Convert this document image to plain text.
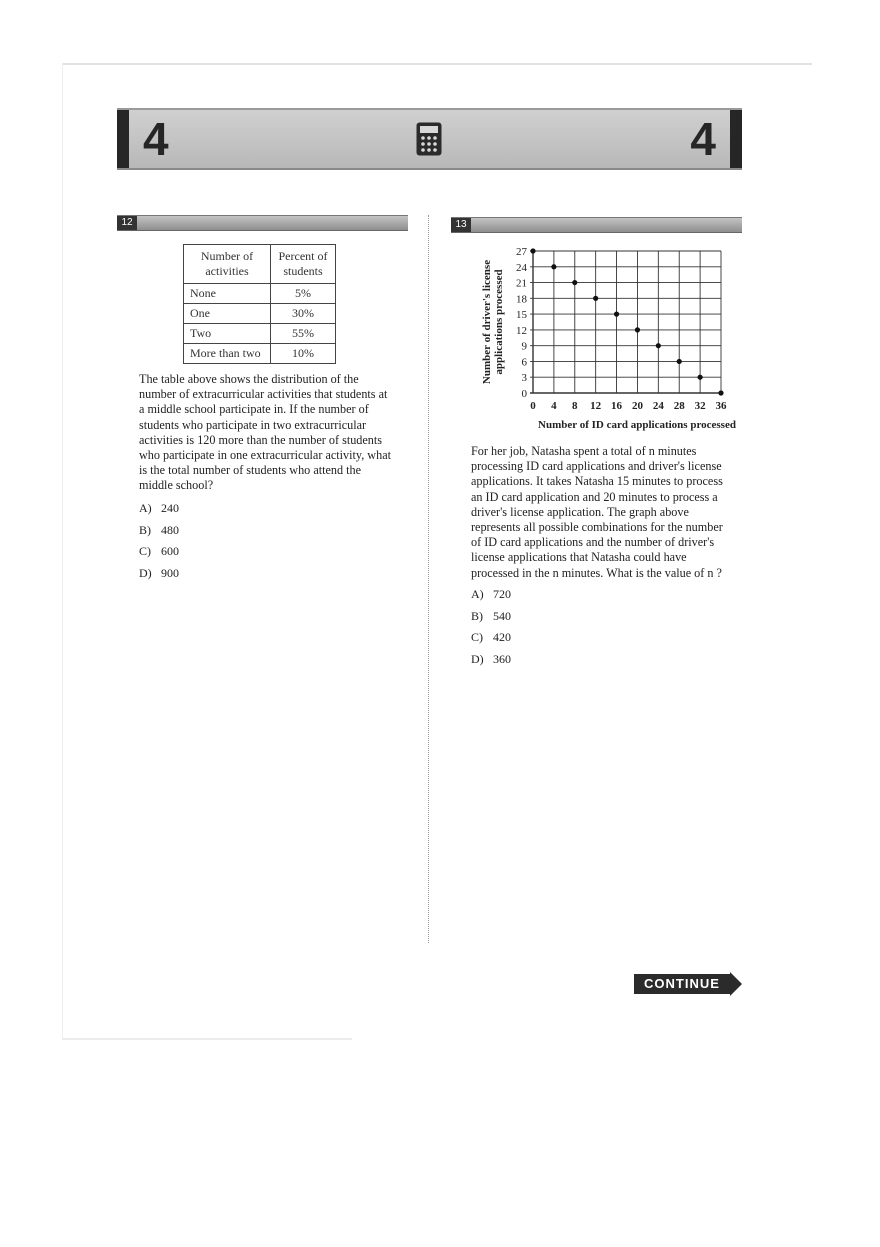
4	4
12
Number of activities	Percent of students
None	5%
One	30%
Two	55%
More than two	10%
The table above shows the distribution of the
number of extracurricular activities that students at
a middle school participate in. If the number of
students who participate in two extracurricular
activities is 120 more than the number of students
who participate in one extracurricular activity, what
is the total number of students who attend the
middle school?
A) 240
B) 480
C) 600
D) 900
13
0
3
6
9
12
15
18
21
24
27
0 4 8 12 16 20 24 28 32 36
Number of ID card applications processed
Number of driver's licenseapplications processed
For her job, Natasha spent a total of n minutes
processing ID card applications and driver's license
applications. It takes Natasha 15 minutes to process
an ID card application and 20 minutes to process a
driver's license application. The graph above
represents all possible combinations for the number
of ID card applications and the number of driver's
license applications that Natasha could have
processed in the n minutes. What is the value of n ?
A) 720
B) 540
C) 420
D) 360
CONTINUE
